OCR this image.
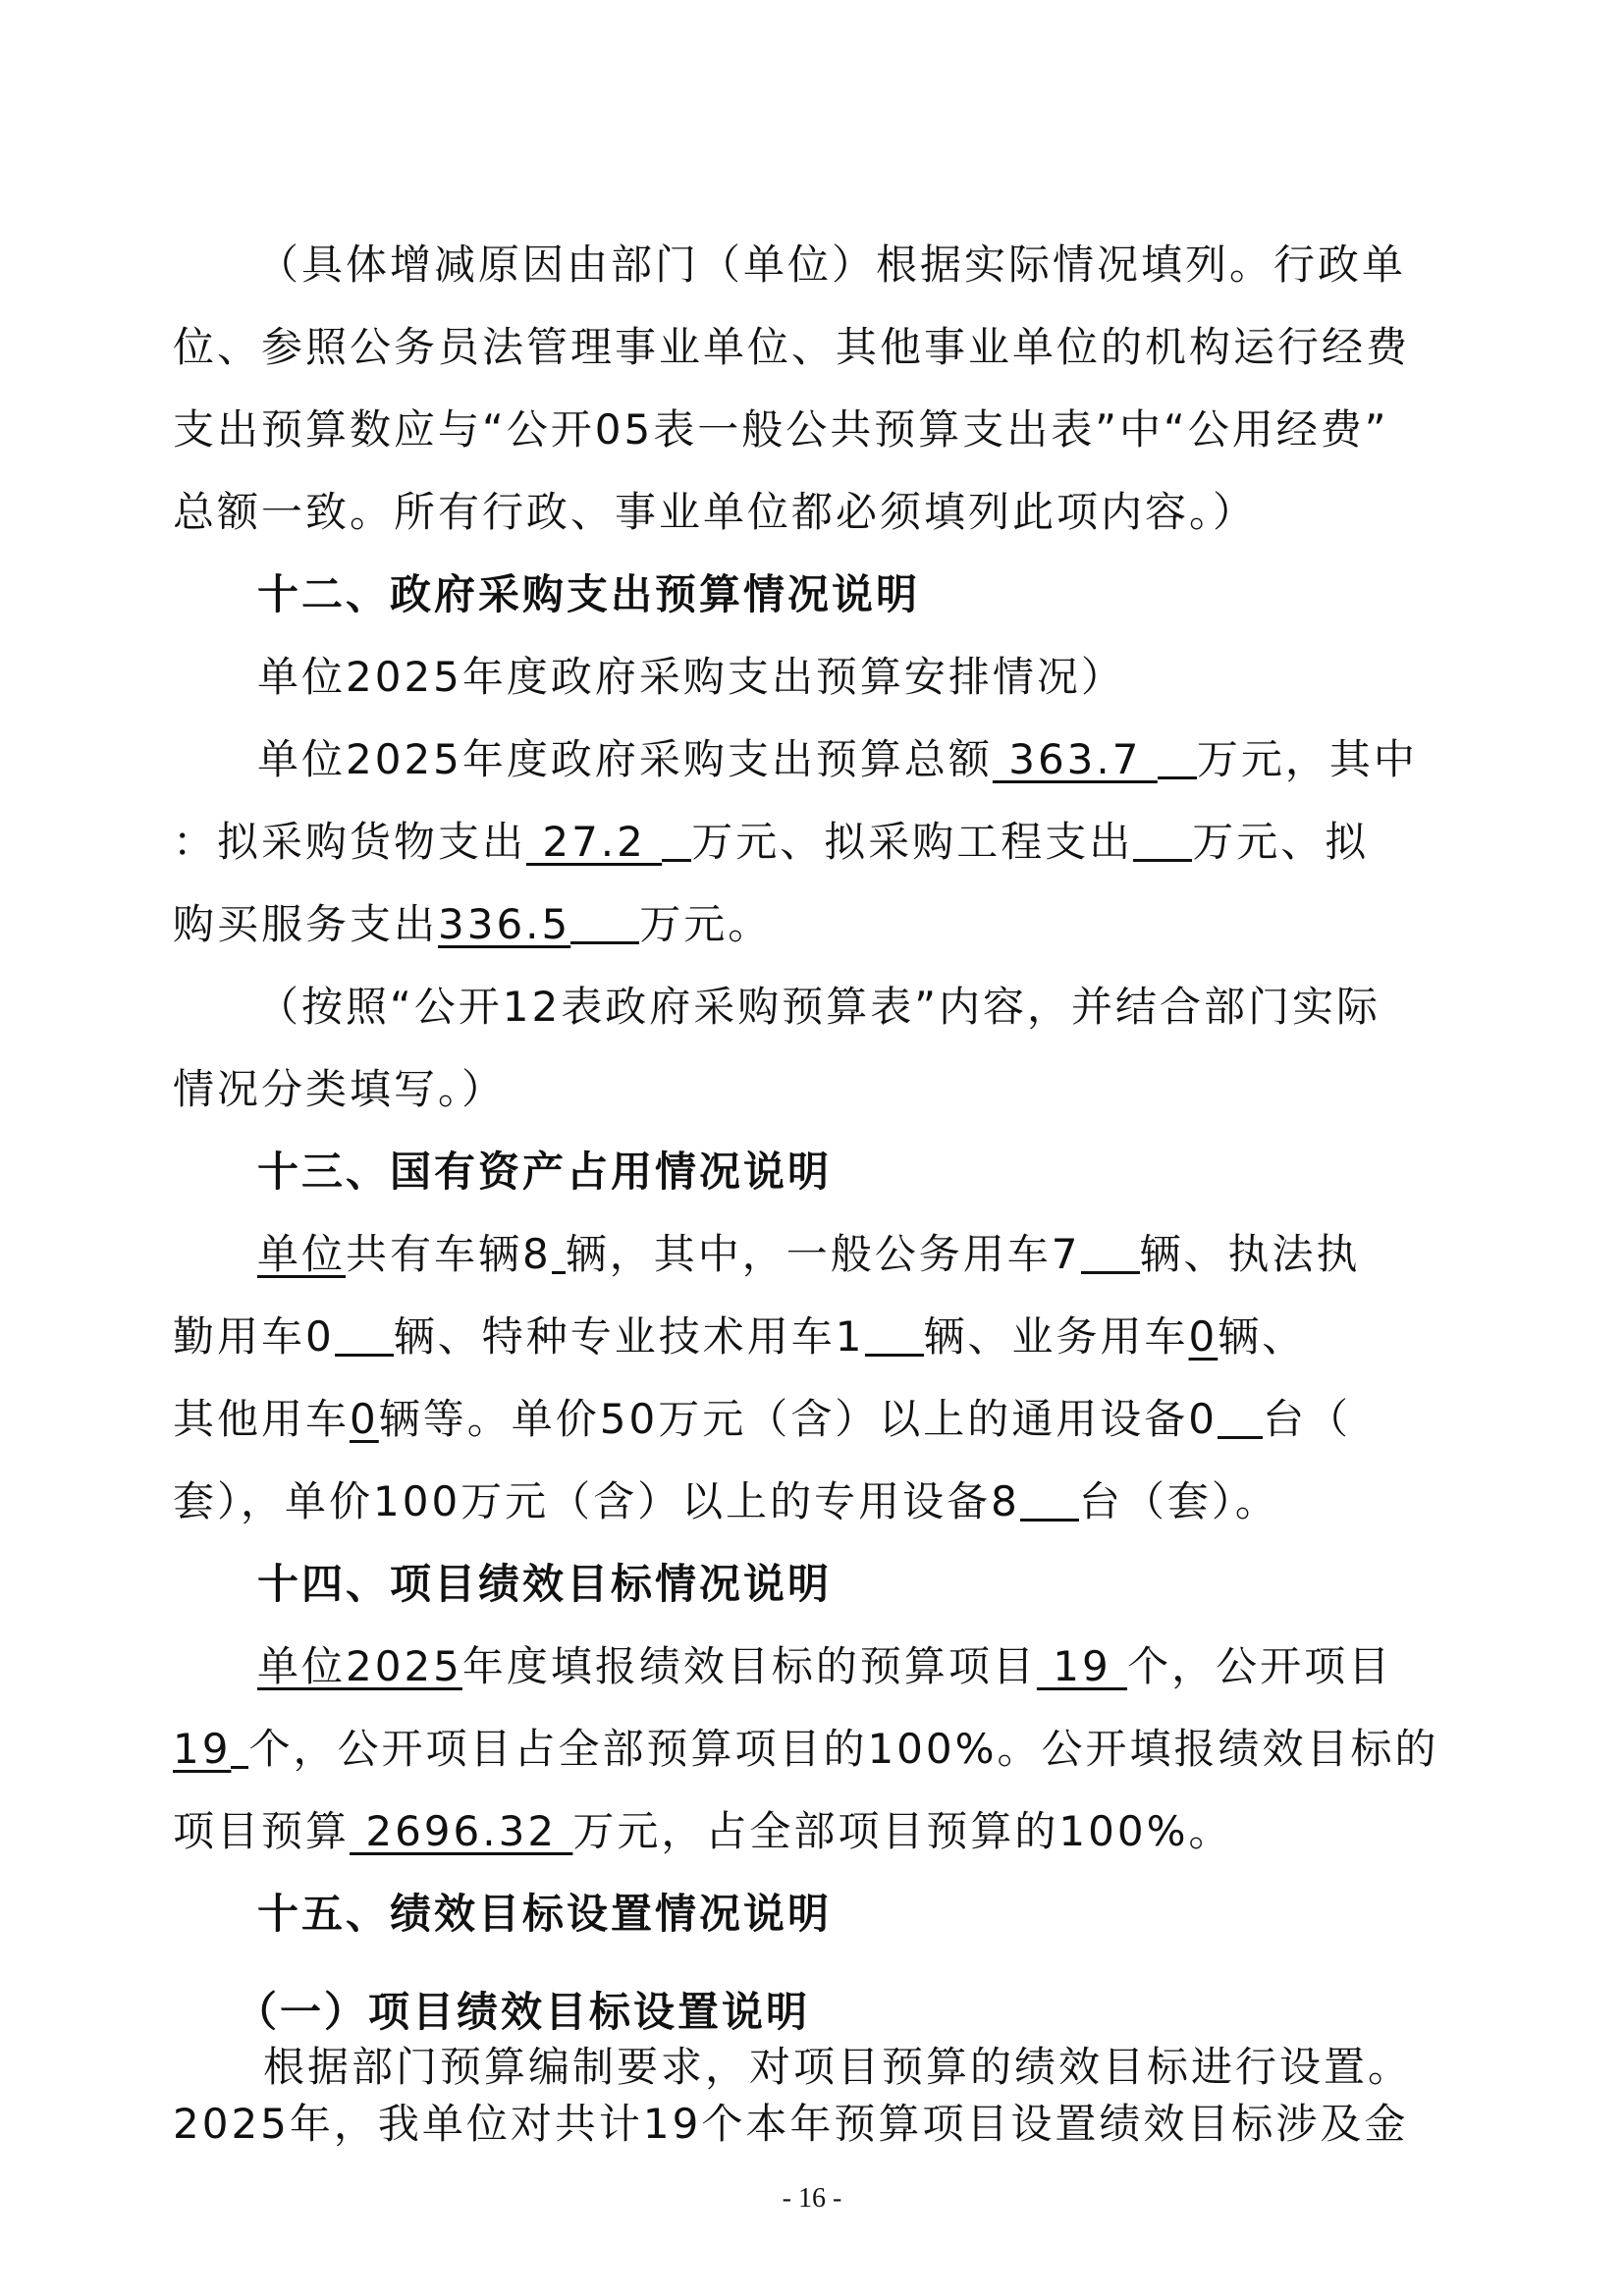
（具体增减原因由部门（单位）根据实际情况填列。行政单
位、参照公务员法管理事业单位、其他事业单位的机构运行经费
支出预算数应与“公开05表一般公共预算支出表”中“公用经费”
总额一致。所有行政、事业单位都必须填列此项内容。）
十二、政府采购支出预算情况说明
单位2025年度政府采购支出预算安排情况）
单位2025年度政府采购支出预算总额 363.7 万元，其中
：拟采购货物支出 27.2 万元、拟采购工程支出 万元、拟
购买服务支出336.5 万元。
（按照“公开12表政府采购预算表”内容，并结合部门实际
情况分类填写。）
十三、国有资产占用情况说明
单位共有车辆8 辆，其中，一般公务用车7 辆、执法执
勤用车0 辆、特种专业技术用车1 辆、业务用车0辆、
其他用车0辆等。单价50万元（含）以上的通用设备0 台（
套），单价100万元（含）以上的专用设备8 台（套）。
十四、项目绩效目标情况说明
单位2025年度填报绩效目标的预算项目 19 个，公开项目
19 个，公开项目占全部预算项目的100%。公开填报绩效目标的
项目预算 2696.32 万元，占全部项目预算的100%。
十五、绩效目标设置情况说明
（一）项目绩效目标设置说明
根据部门预算编制要求，对项目预算的绩效目标进行设置。
2025年，我单位对共计19个本年预算项目设置绩效目标涉及金
- 16 -
